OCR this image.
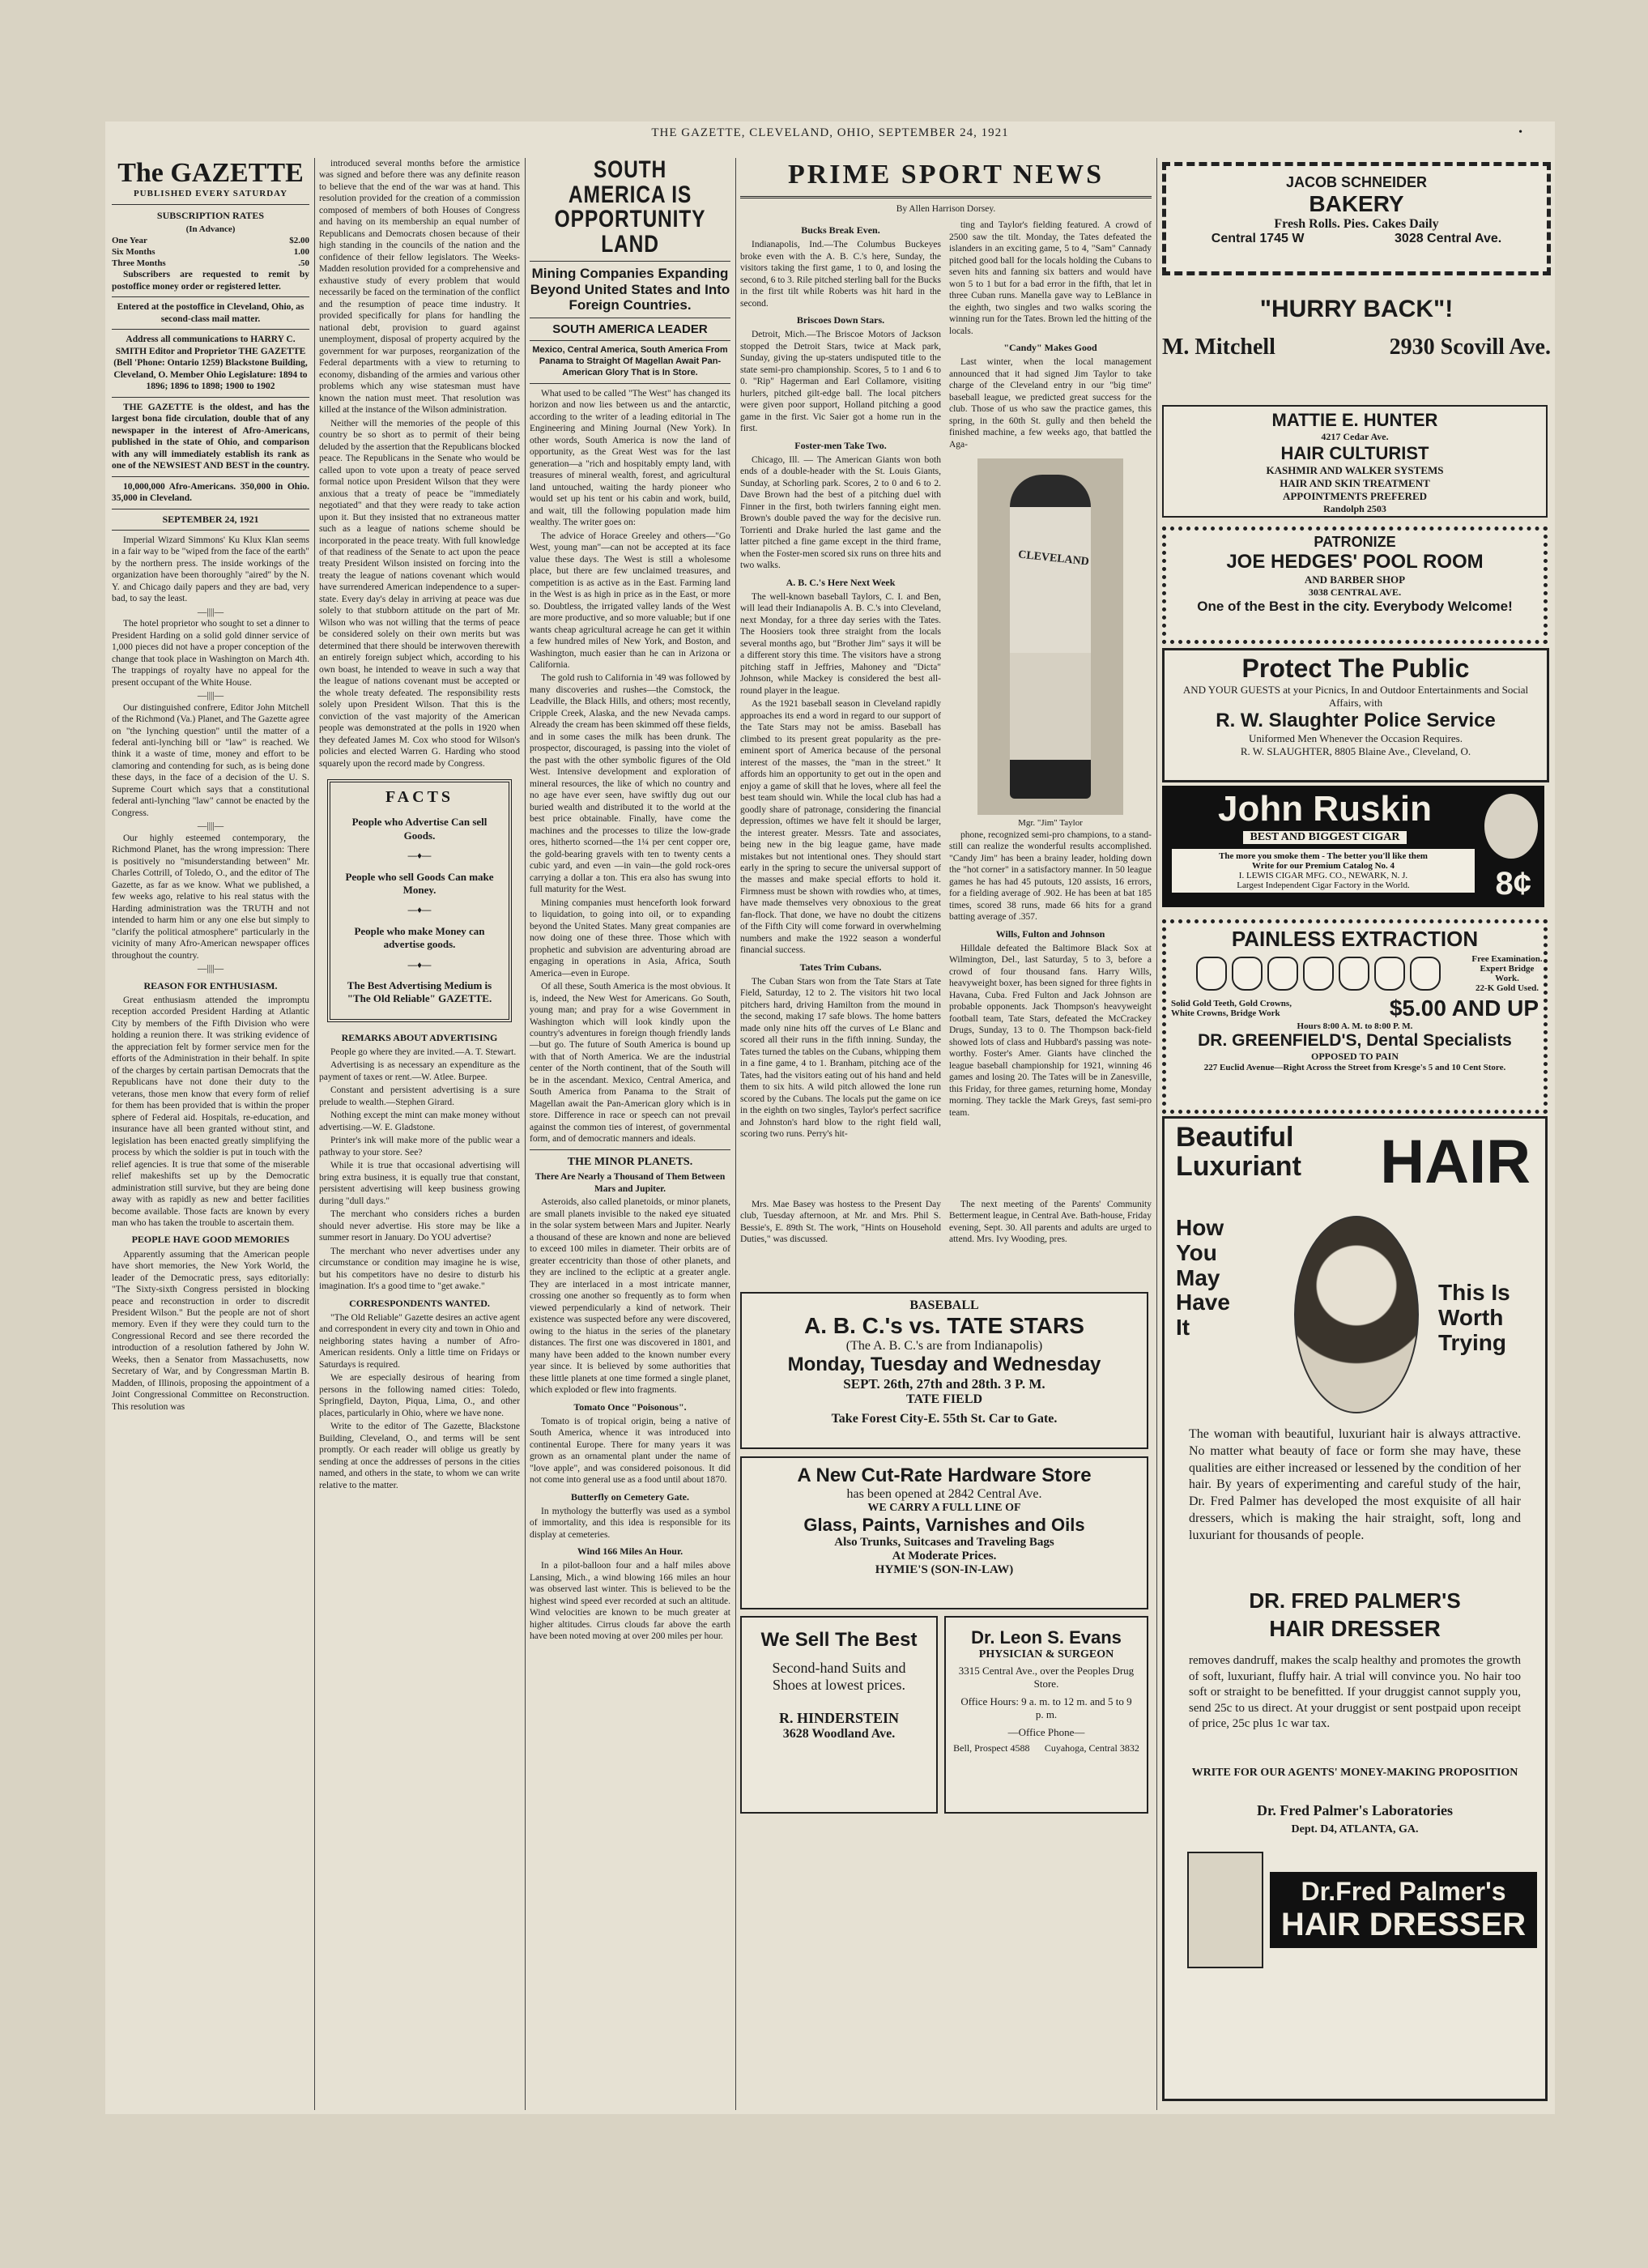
THE GAZETTE, CLEVELAND, OHIO, SEPTEMBER 24, 1921	•
The GAZETTE
PUBLISHED EVERY SATURDAY
SUBSCRIPTION RATES
(In Advance)
One Year	$2.00
Six Months	1.00
Three Months	.50

Subscribers are requested to remit by postoffice money order or registered letter.

Entered at the postoffice in Cleveland, Ohio, as second-class mail matter.

Address all communications to HARRY C. SMITH Editor and Proprietor THE GAZETTE (Bell 'Phone: Ontario 1259) Blackstone Building, Cleveland, O. Member Ohio Legislature: 1894 to 1896; 1896 to 1898; 1900 to 1902

THE GAZETTE is the oldest, and has the largest bona fide circulation, double that of any newspaper in the interest of Afro-Americans, published in the state of Ohio, and comparison with any will immediately establish its rank as one of the NEWSIEST AND BEST in the country.

10,000,000 Afro-Americans. 350,000 in Ohio. 35,000 in Cleveland.

SEPTEMBER 24, 1921

Imperial Wizard Simmons' Ku Klux Klan seems in a fair way to be "wiped from the face of the earth" by the northern press. The inside workings of the organization have been thoroughly "aired" by the N. Y. and Chicago daily papers and they are bad, very bad, to say the least.

—||||—

The hotel proprietor who sought to set a dinner to President Harding on a solid gold dinner service of 1,000 pieces did not have a proper conception of the change that took place in Washington on March 4th. The trappings of royalty have no appeal for the present occupant of the White House.

—||||—

Our distinguished confrere, Editor John Mitchell of the Richmond (Va.) Planet, and The Gazette agree on "the lynching question" until the matter of a federal anti-lynching bill or "law" is reached. We think it a waste of time, money and effort to be clamoring and contending for such, as is being done these days, in the face of a decision of the U. S. Supreme Court which says that a constitutional federal anti-lynching "law" cannot be enacted by the Congress.

—||||—

Our highly esteemed contemporary, the Richmond Planet, has the wrong impression: There is positively no "misunderstanding between" Mr. Charles Cottrill, of Toledo, O., and the editor of The Gazette, as far as we know. What we published, a few weeks ago, relative to his real status with the Harding administration was the TRUTH and not intended to harm him or any one else but simply to "clarify the political atmosphere" particularly in the vicinity of many Afro-American newspaper offices throughout the country.

—||||—
REASON FOR ENTHUSIASM.

Great enthusiasm attended the impromptu reception accorded President Harding at Atlantic City by members of the Fifth Division who were holding a reunion there. It was striking evidence of the appreciation felt by former service men for the efforts of the Administration in their behalf. In spite of the charges by certain partisan Democrats that the Republicans have not done their duty to the veterans, those men know that every form of relief for them has been provided that is within the proper sphere of Federal aid. Hospitals, re-education, and insurance have all been granted without stint, and legislation has been enacted greatly simplifying the process by which the soldier is put in touch with the relief agencies. It is true that some of the miserable relief makeshifts set up by the Democratic administration still survive, but they are being done away with as rapidly as new and better facilities become available. Those facts are known by every man who has taken the trouble to ascertain them.

PEOPLE HAVE GOOD MEMORIES

Apparently assuming that the American people have short memories, the New York World, the leader of the Democratic press, says editorially: "The Sixty-sixth Congress persisted in blocking peace and reconstruction in order to discredit President Wilson." But the people are not of short memory. Even if they were they could turn to the Congressional Record and see there recorded the introduction of a resolution fathered by John W. Weeks, then a Senator from Massachusetts, now Secretary of War, and by Congressman Martin B. Madden, of Illinois, proposing the appointment of a Joint Congressional Committee on Reconstruction. This resolution was

introduced several months before the armistice was signed and before there was any definite reason to believe that the end of the war was at hand. This resolution provided for the creation of a commission composed of members of both Houses of Congress and having on its membership an equal number of Republicans and Democrats chosen because of their high standing in the councils of the nation and the confidence of their fellow legislators. The Weeks-Madden resolution provided for a comprehensive and exhaustive study of every problem that would necessarily be faced on the termination of the conflict and the resumption of peace time industry. It provided specifically for plans for handling the national debt, provision to guard against unemployment, disposal of property acquired by the government for war purposes, reorganization of the Federal departments with a view to returning to economy, disbanding of the armies and various other problems which any wise statesman must have known the nation must meet. That resolution was killed at the instance of the Wilson administration.

Neither will the memories of the people of this country be so short as to permit of their being deluded by the assertion that the Republicans blocked peace. The Republicans in the Senate who would be called upon to vote upon a treaty of peace served formal notice upon President Wilson that they were anxious that a treaty of peace be "immediately negotiated" and that they were ready to take action upon it. But they insisted that no extraneous matter such as a league of nations scheme should be incorporated in the peace treaty. With full knowledge of that readiness of the Senate to act upon the peace treaty President Wilson insisted on forcing into the treaty the league of nations covenant which would have surrendered American independence to a super-state. Every day's delay in arriving at peace was due solely to that stubborn attitude on the part of Mr. Wilson who was not willing that the terms of peace be considered solely on their own merits but was determined that there should be interwoven therewith an entirely foreign subject which, according to his own boast, he intended to weave in such a way that the league of nations covenant must be accepted or the whole treaty defeated. The responsibility rests solely upon President Wilson. That this is the conviction of the vast majority of the American people was demonstrated at the polls in 1920 when they defeated James M. Cox who stood for Wilson's policies and elected Warren G. Harding who stood squarely upon the record made by Congress.

FACTS
People who Advertise Can sell Goods.
—♦—
People who sell Goods Can make Money.
—♦—
People who make Money can advertise goods.
—♦—
The Best Advertising Medium is "The Old Reliable" GAZETTE.
REMARKS ABOUT ADVERTISING

People go where they are invited.—A. T. Stewart.

Advertising is as necessary an expenditure as the payment of taxes or rent.—W. Atlee. Burpee.

Constant and persistent advertising is a sure prelude to wealth.—Stephen Girard.

Nothing except the mint can make money without advertising.—W. E. Gladstone.

Printer's ink will make more of the public wear a pathway to your store. See?

While it is true that occasional advertising will bring extra business, it is equally true that constant, persistent advertising will keep business growing during "dull days."

The merchant who considers riches a burden should never advertise. His store may be like a summer resort in January. Do YOU advertise?

The merchant who never advertises under any circumstance or condition may imagine he is wise, but his competitors have no desire to disturb his imagination. It's a good time to "get awake."

CORRESPONDENTS WANTED.

"The Old Reliable" Gazette desires an active agent and correspondent in every city and town in Ohio and neighboring states having a number of Afro-American residents. Only a little time on Fridays or Saturdays is required.

We are especially desirous of hearing from persons in the following named cities: Toledo, Springfield, Dayton, Piqua, Lima, O., and other places, particularly in Ohio, where we have none.

Write to the editor of The Gazette, Blackstone Building, Cleveland, O., and terms will be sent promptly. Or each reader will oblige us greatly by sending at once the addresses of persons in the cities named, and others in the state, to whom we can write relative to the matter.

SOUTH AMERICA IS OPPORTUNITY LAND
Mining Companies Expanding Beyond United States and Into Foreign Countries.
SOUTH AMERICA LEADER

Mexico, Central America, South America From Panama to Straight Of Magellan Await Pan-American Glory That is In Store.

What used to be called "The West" has changed its horizon and now lies between us and the antarctic, according to the writer of a leading editorial in The Engineering and Mining Journal (New York). In other words, South America is now the land of opportunity, as the Great West was for the last generation—a "rich and hospitably empty land, with treasures of mineral wealth, forest, and agricultural land untouched, waiting the hardy pioneer who would set up his tent or his cabin and work, build, and wait, till the following population made him wealthy. The writer goes on:

The advice of Horace Greeley and others—"Go West, young man"—can not be accepted at its face value these days. The West is still a wholesome place, but there are few unclaimed treasures, and competition is as active as in the East. Farming land in the West is as high in price as in the East, or more so. Doubtless, the irrigated valley lands of the West are more productive, and so more valuable; but if one wants cheap agricultural acreage he can get it within a few hundred miles of New York, and Boston, and Washington, much easier than he can in Arizona or California.

The gold rush to California in '49 was followed by many discoveries and rushes—the Comstock, the Leadville, the Black Hills, and others; most recently, Cripple Creek, Alaska, and the new Nevada camps. Already the cream has been skimmed off these fields, and in some cases the milk has been drunk. The prospector, discouraged, is passing into the violet of the past with the other symbolic figures of the Old West. Intensive development and exploration of mineral resources, the like of which no country and no age have ever seen, have swiftly dug out our buried wealth and distributed it to the world at the best price obtainable. Finally, have come the machines and the processes to tilize the low-grade ores, hitherto scorned—the 1¼ per cent copper ore, the gold-bearing gravels with ten to twenty cents a cubic yard, and even —in vain—the gold rock-ores carrying a dollar a ton. This era also has swung into full maturity for the West.

Mining companies must henceforth look forward to liquidation, to going into oil, or to expanding beyond the United States. Many great companies are now doing one of these three. Those which with prophetic and subvision are adventuring abroad are engaging in operations in Asia, Africa, South America—even in Europe.

Of all these, South America is the most obvious. It is, indeed, the New West for Americans. Go South, young man; and pray for a wise Government in Washington which will look kindly upon the country's adventures in foreign though friendly lands—but go. The future of South America is bound up with that of North America. We are the industrial center of the North continent, that of the South will be in the ascendant. Mexico, Central America, and South America from Panama to the Strait of Magellan await the Pan-American glory which is in store. Difference in race or speech can not prevail against the common ties of interest, of governmental form, and of democratic manners and ideals.

THE MINOR PLANETS.

There Are Nearly a Thousand of Them Between Mars and Jupiter.

Asteroids, also called planetoids, or minor planets, are small planets invisible to the naked eye situated in the solar system between Mars and Jupiter. Nearly a thousand of these are known and none are believed to exceed 100 miles in diameter. Their orbits are of greater eccentricity than those of other planets, and they are inclined to the ecliptic at a greater angle. They are interlaced in a most intricate manner, crossing one another so frequently as to form when viewed perpendicularly a kind of network. Their existence was suspected before any were discovered, owing to the hiatus in the series of the planetary distances. The first one was discovered in 1801, and many have been added to the known number every year since. It is believed by some authorities that these little planets at one time formed a single planet, which exploded or flew into fragments.

Tomato Once "Poisonous".

Tomato is of tropical origin, being a native of South America, whence it was introduced into continental Europe. There for many years it was grown as an ornamental plant under the name of "love apple", and was considered poisonous. It did not come into general use as a food until about 1870.

Butterfly on Cemetery Gate.

In mythology the butterfly was used as a symbol of immortality, and this idea is responsible for its display at cemeteries.

Wind 166 Miles An Hour.

In a pilot-balloon four and a half miles above Lansing, Mich., a wind blowing 166 miles an hour was observed last winter. This is believed to be the highest wind speed ever recorded at such an altitude. Wind velocities are known to be much greater at higher altitudes. Cirrus clouds far above the earth have been noted moving at over 200 miles per hour.

PRIME SPORT NEWS
By Allen Harrison Dorsey.
Bucks Break Even.

Indianapolis, Ind.—The Columbus Buckeyes broke even with the A. B. C.'s here, Sunday, the visitors taking the first game, 1 to 0, and losing the second, 6 to 3. Rile pitched sterling ball for the Bucks in the first tilt while Roberts was hit hard in the second.

Briscoes Down Stars.

Detroit, Mich.—The Briscoe Motors of Jackson stopped the Detroit Stars, twice at Mack park, Sunday, giving the up-staters undisputed title to the state semi-pro championship. Scores, 5 to 1 and 6 to 0. "Rip" Hagerman and Earl Collamore, visiting hurlers, pitched gilt-edge ball. The local pitchers were given poor support, Holland pitching a good game in the first. Vic Saier got a home run in the first.

Foster-men Take Two.

Chicago, Ill. — The American Giants won both ends of a double-header with the St. Louis Giants, Sunday, at Schorling park. Scores, 2 to 0 and 6 to 2. Dave Brown had the best of a pitching duel with Finner in the first, both twirlers fanning eight men. Brown's double paved the way for the decisive run. Torrienti and Drake hurled the last game and the latter pitched a fine game except in the third frame, when the Foster-men scored six runs on three hits and two walks.

A. B. C.'s Here Next Week

The well-known baseball Taylors, C. I. and Ben, will lead their Indianapolis A. B. C.'s into Cleveland, next Monday, for a three day series with the Tates. The Hoosiers took three straight from the locals several months ago, but "Brother Jim" says it will be a different story this time. The visitors have a strong pitching staff in Jeffries, Mahoney and "Dicta" Johnson, while Mackey is considered the best all-round player in the league.

As the 1921 baseball season in Cleveland rapidly approaches its end a word in regard to our support of the Tate Stars may not be amiss. Baseball has climbed to its present great popularity as the pre-eminent sport of America because of the personal interest of the masses, the "man in the street." It affords him an opportunity to get out in the open and enjoy a game of skill that he loves, where all feel the best team should win. While the local club has had a goodly share of patronage, considering the financial depression, oftimes we have felt it should be larger, the interest greater. Messrs. Tate and associates, being new in the big league game, have made mistakes but not intentional ones. They should start early in the spring to secure the universal support of the masses and make special efforts to hold it. Firmness must be shown with rowdies who, at times, have made themselves very obnoxious to the great fan-flock. That done, we have no doubt the citizens of the Fifth City will come forward in overwhelming numbers and make the 1922 season a wonderful financial success.

Tates Trim Cubans.

The Cuban Stars won from the Tate Stars at Tate Field, Saturday, 12 to 2. The visitors hit two local pitchers hard, driving Hamilton from the mound in the second, making 17 safe blows. The home batters made only nine hits off the curves of Le Blanc and scored all their runs in the fifth inning. Sunday, the Tates turned the tables on the Cubans, whipping them in a fine game, 4 to 1. Branham, pitching ace of the Tates, had the visitors eating out of his hand and held them to six hits. A wild pitch allowed the lone run scored by the Cubans. The locals put the game on ice in the eighth on two singles, Taylor's perfect sacrifice and Johnston's hard blow to the right field wall, scoring two runs. Perry's hit-

ting and Taylor's fielding featured. A crowd of 2500 saw the tilt. Monday, the Tates defeated the islanders in an exciting game, 5 to 4, "Sam" Cannady pitched good ball for the locals holding the Cubans to seven hits and fanning six batters and would have won 5 to 1 but for a bad error in the fifth, that let in three Cuban runs. Manella gave way to LeBlance in the eighth, two singles and two walks scoring the winning run for the Tates. Brown led the hitting of the locals.

"Candy" Makes Good

Last winter, when the local management announced that it had signed Jim Taylor to take charge of the Cleveland entry in our "big time" baseball league, we predicted great success for the club. Those of us who saw the practice games, this spring, in the 60th St. gully and then beheld the finished machine, a few weeks ago, that battled the Aga-

CLEVELAND
Mgr. "Jim" Taylor

phone, recognized semi-pro champions, to a stand-still can realize the wonderful results accomplished. "Candy Jim" has been a brainy leader, holding down the "hot corner" in a satisfactory manner. In 50 league games he has had 45 putouts, 120 assists, 16 errors, for a fielding average of .902. He has been at bat 185 times, scored 38 runs, made 66 hits for a grand batting average of .357.

Wills, Fulton and Johnson

Hilldale defeated the Baltimore Black Sox at Wilmington, Del., last Saturday, 5 to 3, before a crowd of four thousand fans. Harry Wills, heavyweight boxer, has been signed for three fights in Havana, Cuba. Fred Fulton and Jack Johnson are probable opponents. Jack Thompson's heavyweight football team, Tate Stars, defeated the McCrackey Drugs, Sunday, 13 to 0. The Thompson back-field showed lots of class and Hubbard's passing was note-worthy. Foster's Amer. Giants have clinched the league baseball championship for 1921, winning 46 games and losing 20. The Tates will be in Zanesville, this Friday, for three games, returning home, Monday morning. They tackle the Mark Greys, fast semi-pro team.

Mrs. Mae Basey was hostess to the Present Day club, Tuesday afternoon, at Mr. and Mrs. Phil S. Bessie's, E. 89th St. The work, "Hints on Household Duties," was discussed.

The next meeting of the Parents' Community Betterment league, in Central Ave. Bath-house, Friday evening, Sept. 30. All parents and adults are urged to attend. Mrs. Ivy Wooding, pres.

BASEBALL
A. B. C.'s vs. TATE STARS
(The A. B. C.'s are from Indianapolis)
Monday, Tuesday and Wednesday
SEPT. 26th, 27th and 28th. 3 P. M.
TATE FIELD
Take Forest City-E. 55th St. Car to Gate.
A New Cut-Rate Hardware Store
has been opened at 2842 Central Ave.
WE CARRY A FULL LINE OF
Glass, Paints, Varnishes and Oils
Also Trunks, Suitcases and Traveling Bags
At Moderate Prices.
HYMIE'S (SON-IN-LAW)
We Sell The Best
Second-hand Suits and Shoes at lowest prices.
R. HINDERSTEIN
3628 Woodland Ave.
Dr. Leon S. Evans
PHYSICIAN & SURGEON
3315 Central Ave., over the Peoples Drug Store.
Office Hours: 9 a. m. to 12 m. and 5 to 9 p. m.
—Office Phone—
Bell, Prospect 4588 Cuyahoga, Central 3832
JACOB SCHNEIDER
BAKERY
Fresh Rolls. Pies. Cakes Daily
Central 1745 W	3028 Central Ave.
"HURRY BACK"!
M. Mitchell	2930 Scovill Ave.
MATTIE E. HUNTER
4217 Cedar Ave.
HAIR CULTURIST
KASHMIR AND WALKER SYSTEMS
HAIR AND SKIN TREATMENT
APPOINTMENTS PREFERED
Randolph 2503
PATRONIZE
JOE HEDGES' POOL ROOM
AND BARBER SHOP
3038 CENTRAL AVE.
One of the Best in the city. Everybody Welcome!
Protect The Public
AND YOUR GUESTS at your Picnics, In and Outdoor Entertainments and Social Affairs, with
R. W. Slaughter Police Service
Uniformed Men Whenever the Occasion Requires.
R. W. SLAUGHTER, 8805 Blaine Ave., Cleveland, O.
John Ruskin
BEST AND BIGGEST CIGAR
The more you smoke them - The better you'll like them
Write for our Premium Catalog No. 4
I. LEWIS CIGAR MFG. CO., NEWARK, N. J.
Largest Independent Cigar Factory in the World.	8¢
PAINLESS EXTRACTION
Free Examination. Expert Bridge Work.
22-K Gold Used.
Solid Gold Teeth, Gold Crowns, White Crowns, Bridge Work	$5.00 AND UP
Hours 8:00 A. M. to 8:00 P. M.
DR. GREENFIELD'S, Dental Specialists
OPPOSED TO PAIN
227 Euclid Avenue—Right Across the Street from Kresge's 5 and 10 Cent Store.
Beautiful
Luxuriant HAIR
How You May Have It
This Is Worth Trying
The woman with beautiful, luxuriant hair is always attractive. No matter what beauty of face or form she may have, these qualities are either increased or lessened by the condition of her hair. By years of experimenting and careful study of the hair, Dr. Fred Palmer has developed the most exquisite of all hair dressers, which is making the hair straight, soft, long and luxuriant for thousands of people.
DR. FRED PALMER'S
HAIR DRESSER
removes dandruff, makes the scalp healthy and promotes the growth of soft, luxuriant, fluffy hair. A trial will convince you. No hair too soft or straight to be benefitted. If your druggist cannot supply you, send 25c to us direct. At your druggist or sent postpaid upon receipt of price, 25c plus 1c war tax.
WRITE FOR OUR AGENTS' MONEY-MAKING PROPOSITION
Dr. Fred Palmer's Laboratories
Dept. D4, ATLANTA, GA.
Dr.Fred Palmer's
HAIR DRESSER
